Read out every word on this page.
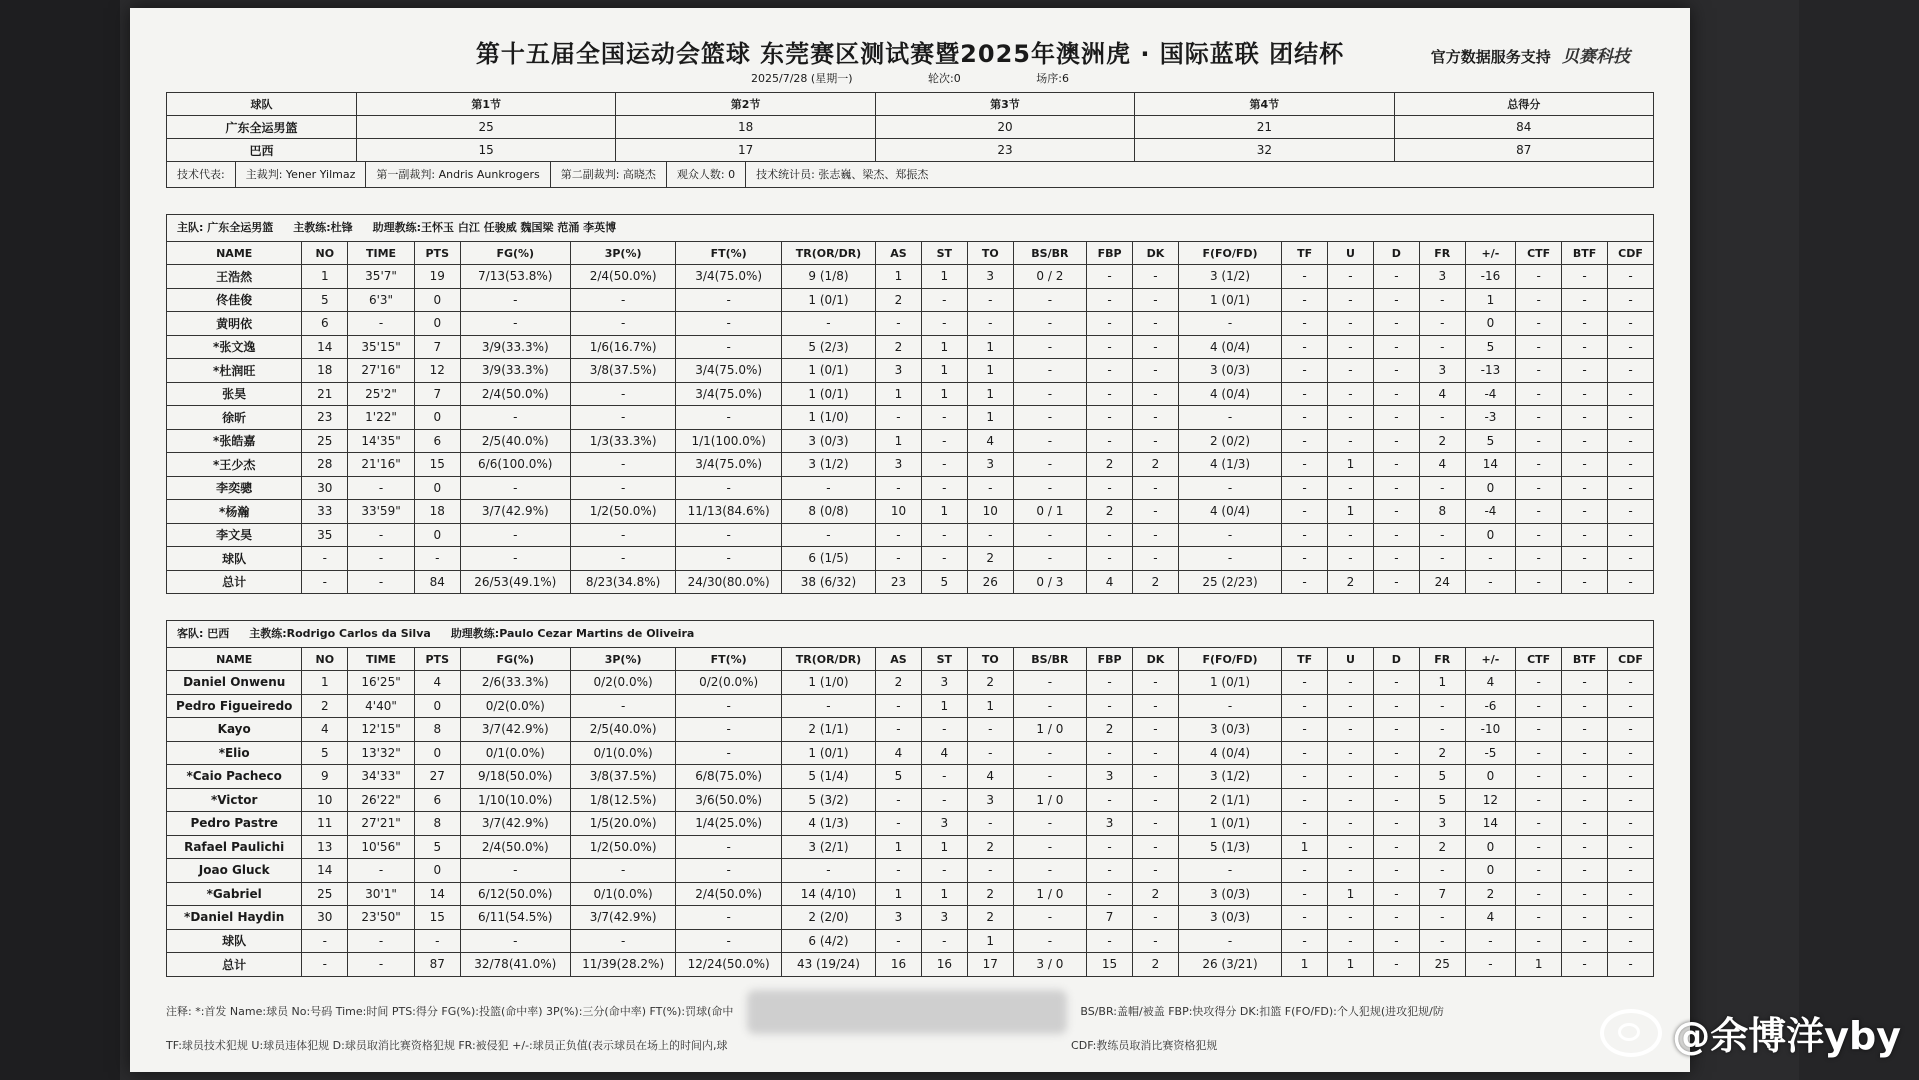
第十五届全国运动会篮球 东莞赛区测试赛暨2025年澳洲虎 · 国际蓝联 团结杯	官方数据服务支持 贝赛科技
2025/7/28 (星期一)	轮次:0	场序:6
球队	第1节	第2节	第3节	第4节	总得分
广东全运男篮	25	18	20	21	84
巴西	15	17	23	32	87
技术代表:	主裁判: Yener Yilmaz	第一副裁判: Andris Aunkrogers	第二副裁判: 高晓杰	观众人数: 0	技术统计员: 张志巍、梁杰、郑振杰
主队: 广东全运男篮	主教练:杜锋	助理教练:王怀玉 白江 任骏威 魏国梁 范涌 李英博
NAME	NO	TIME	PTS	FG(%)	3P(%)	FT(%)	TR(OR/DR)	AS	ST	TO	BS/BR	FBP	DK	F(FO/FD)	TF	U	D	FR	+/-	CTF	BTF	CDF
王浩然	1	35'7"	19	7/13(53.8%)	2/4(50.0%)	3/4(75.0%)	9 (1/8)	1	1	3	0 / 2	-	-	3 (1/2)	-	-	-	3	-16	-	-	-
佟佳俊	5	6'3"	0	-	-	-	1 (0/1)	2	-	-	-	-	-	1 (0/1)	-	-	-	-	1	-	-	-
黄明依	6	-	0	-	-	-	-	-	-	-	-	-	-	-	-	-	-	-	0	-	-	-
*张文逸	14	35'15"	7	3/9(33.3%)	1/6(16.7%)	-	5 (2/3)	2	1	1	-	-	-	4 (0/4)	-	-	-	-	5	-	-	-
*杜润旺	18	27'16"	12	3/9(33.3%)	3/8(37.5%)	3/4(75.0%)	1 (0/1)	3	1	1	-	-	-	3 (0/3)	-	-	-	3	-13	-	-	-
张昊	21	25'2"	7	2/4(50.0%)	-	3/4(75.0%)	1 (0/1)	1	1	1	-	-	-	4 (0/4)	-	-	-	4	-4	-	-	-
徐昕	23	1'22"	0	-	-	-	1 (1/0)	-	-	1	-	-	-	-	-	-	-	-	-3	-	-	-
*张皓嘉	25	14'35"	6	2/5(40.0%)	1/3(33.3%)	1/1(100.0%)	3 (0/3)	1	-	4	-	-	-	2 (0/2)	-	-	-	2	5	-	-	-
*王少杰	28	21'16"	15	6/6(100.0%)	-	3/4(75.0%)	3 (1/2)	3	-	3	-	2	2	4 (1/3)	-	1	-	4	14	-	-	-
李奕骢	30	-	0	-	-	-	-	-	-	-	-	-	-	-	-	-	-	-	0	-	-	-
*杨瀚	33	33'59"	18	3/7(42.9%)	1/2(50.0%)	11/13(84.6%)	8 (0/8)	10	1	10	0 / 1	2	-	4 (0/4)	-	1	-	8	-4	-	-	-
李文昊	35	-	0	-	-	-	-	-	-	-	-	-	-	-	-	-	-	-	0	-	-	-
球队	-	-	-	-	-	-	6 (1/5)	-	-	2	-	-	-	-	-	-	-	-	-	-	-	-
总计	-	-	84	26/53(49.1%)	8/23(34.8%)	24/30(80.0%)	38 (6/32)	23	5	26	0 / 3	4	2	25 (2/23)	-	2	-	24	-	-	-	-
客队: 巴西	主教练:Rodrigo Carlos da Silva	助理教练:Paulo Cezar Martins de Oliveira
NAME	NO	TIME	PTS	FG(%)	3P(%)	FT(%)	TR(OR/DR)	AS	ST	TO	BS/BR	FBP	DK	F(FO/FD)	TF	U	D	FR	+/-	CTF	BTF	CDF
Daniel Onwenu	1	16'25"	4	2/6(33.3%)	0/2(0.0%)	0/2(0.0%)	1 (1/0)	2	3	2	-	-	-	1 (0/1)	-	-	-	1	4	-	-	-
Pedro Figueiredo	2	4'40"	0	0/2(0.0%)	-	-	-	-	1	1	-	-	-	-	-	-	-	-	-6	-	-	-
Kayo	4	12'15"	8	3/7(42.9%)	2/5(40.0%)	-	2 (1/1)	-	-	-	1 / 0	2	-	3 (0/3)	-	-	-	-	-10	-	-	-
*Elio	5	13'32"	0	0/1(0.0%)	0/1(0.0%)	-	1 (0/1)	4	4	-	-	-	-	4 (0/4)	-	-	-	2	-5	-	-	-
*Caio Pacheco	9	34'33"	27	9/18(50.0%)	3/8(37.5%)	6/8(75.0%)	5 (1/4)	5	-	4	-	3	-	3 (1/2)	-	-	-	5	0	-	-	-
*Victor	10	26'22"	6	1/10(10.0%)	1/8(12.5%)	3/6(50.0%)	5 (3/2)	-	-	3	1 / 0	-	-	2 (1/1)	-	-	-	5	12	-	-	-
Pedro Pastre	11	27'21"	8	3/7(42.9%)	1/5(20.0%)	1/4(25.0%)	4 (1/3)	-	3	-	-	3	-	1 (0/1)	-	-	-	3	14	-	-	-
Rafael Paulichi	13	10'56"	5	2/4(50.0%)	1/2(50.0%)	-	3 (2/1)	1	1	2	-	-	-	5 (1/3)	1	-	-	2	0	-	-	-
Joao Gluck	14	-	0	-	-	-	-	-	-	-	-	-	-	-	-	-	-	-	0	-	-	-
*Gabriel	25	30'1"	14	6/12(50.0%)	0/1(0.0%)	2/4(50.0%)	14 (4/10)	1	1	2	1 / 0	-	2	3 (0/3)	-	1	-	7	2	-	-	-
*Daniel Haydin	30	23'50"	15	6/11(54.5%)	3/7(42.9%)	-	2 (2/0)	3	3	2	-	7	-	3 (0/3)	-	-	-	-	4	-	-	-
球队	-	-	-	-	-	-	6 (4/2)	-	-	1	-	-	-	-	-	-	-	-	-	-	-	-
总计	-	-	87	32/78(41.0%)	11/39(28.2%)	12/24(50.0%)	43 (19/24)	16	16	17	3 / 0	15	2	26 (3/21)	1	1	-	25	-	1	-	-
注释: *:首发 Name:球员 No:号码 Time:时间 PTS:得分 FG(%):投篮(命中率) 3P(%):三分(命中率) FT(%):罚球(命中	BS/BR:盖帽/被盖 FBP:快攻得分 DK:扣篮 F(FO/FD):个人犯规(进攻犯规/防
TF:球员技术犯规 U:球员违体犯规 D:球员取消比赛资格犯规 FR:被侵犯 +/-:球员正负值(表示球员在场上的时间内,球	CDF:教练员取消比赛资格犯规	@余博洋yby
